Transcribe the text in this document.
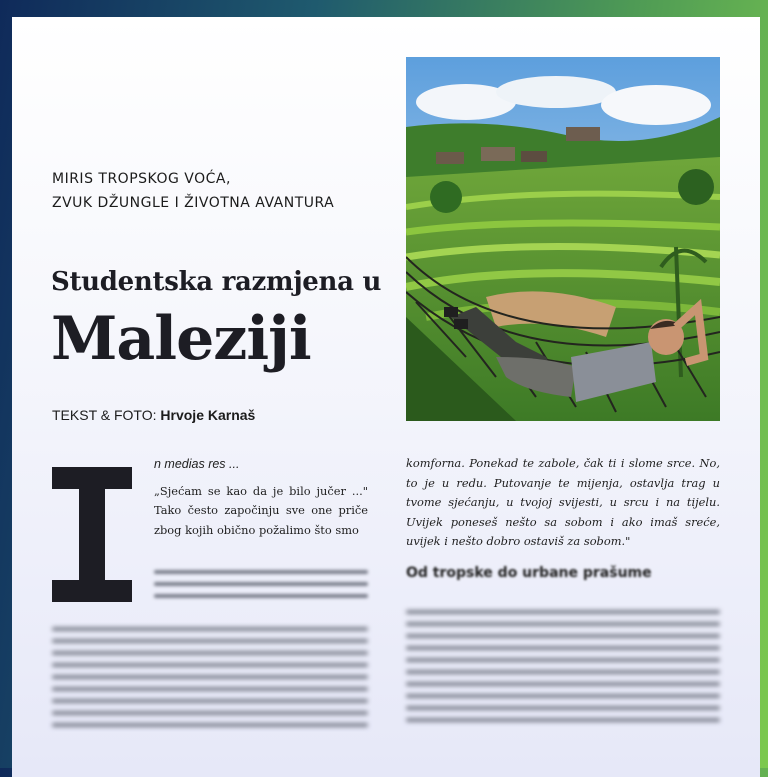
MIRIS TROPSKOG VOĆA,
ZVUK DŽUNGLE I ŽIVOTNA AVANTURA
Studentska razmjena u
Maleziji
TEKST & FOTO: Hrvoje Karnaš
I
n medias res ...
„Sjećam se kao da je bilo jučer ..." Tako često započinju sve one priče zbog kojih obično požalimo što smo
komforna. Ponekad te zabole, čak ti i slome srce. No, to je u redu. Putovanje te mijenja, ostavlja trag u tvome sjećanju, u tvojoj svijesti, u srcu i na tijelu. Uvijek poneseš nešto sa sobom i ako imaš sreće, uvijek i nešto dobro ostaviš za sobom."
Od tropske do urbane prašume
